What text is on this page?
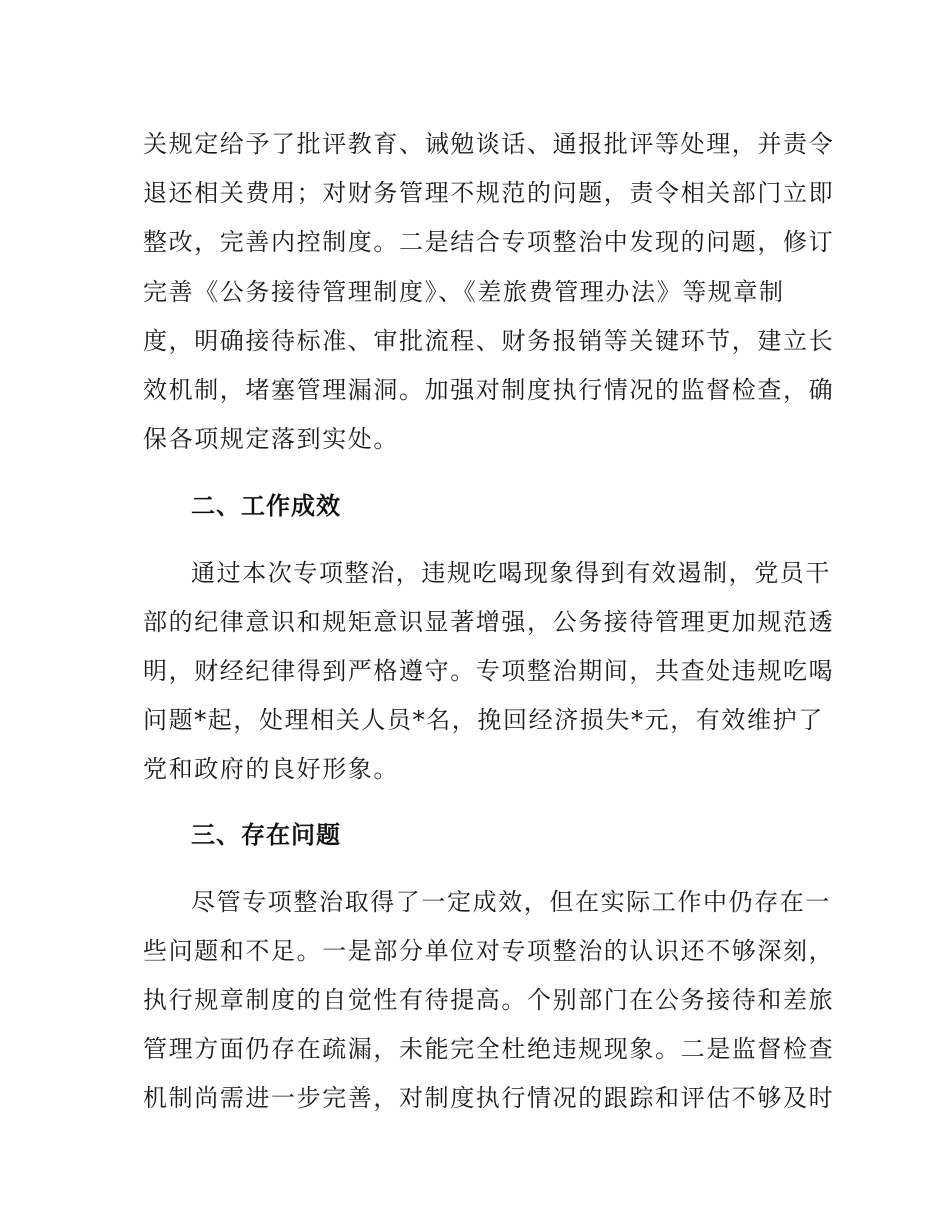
关规定给予了批评教育、诫勉谈话、通报批评等处理，并责令
退还相关费用；对财务管理不规范的问题，责令相关部门立即
整改，完善内控制度。二是结合专项整治中发现的问题，修订
完善《公务接待管理制度》、《差旅费管理办法》等规章制
度，明确接待标准、审批流程、财务报销等关键环节，建立长
效机制，堵塞管理漏洞。加强对制度执行情况的监督检查，确
保各项规定落到实处。
二、工作成效
通过本次专项整治，违规吃喝现象得到有效遏制，党员干
部的纪律意识和规矩意识显著增强，公务接待管理更加规范透
明，财经纪律得到严格遵守。专项整治期间，共查处违规吃喝
问题*起，处理相关人员*名，挽回经济损失*元，有效维护了
党和政府的良好形象。
三、存在问题
尽管专项整治取得了一定成效，但在实际工作中仍存在一
些问题和不足。一是部分单位对专项整治的认识还不够深刻，
执行规章制度的自觉性有待提高。个别部门在公务接待和差旅
管理方面仍存在疏漏，未能完全杜绝违规现象。二是监督检查
机制尚需进一步完善，对制度执行情况的跟踪和评估不够及时
